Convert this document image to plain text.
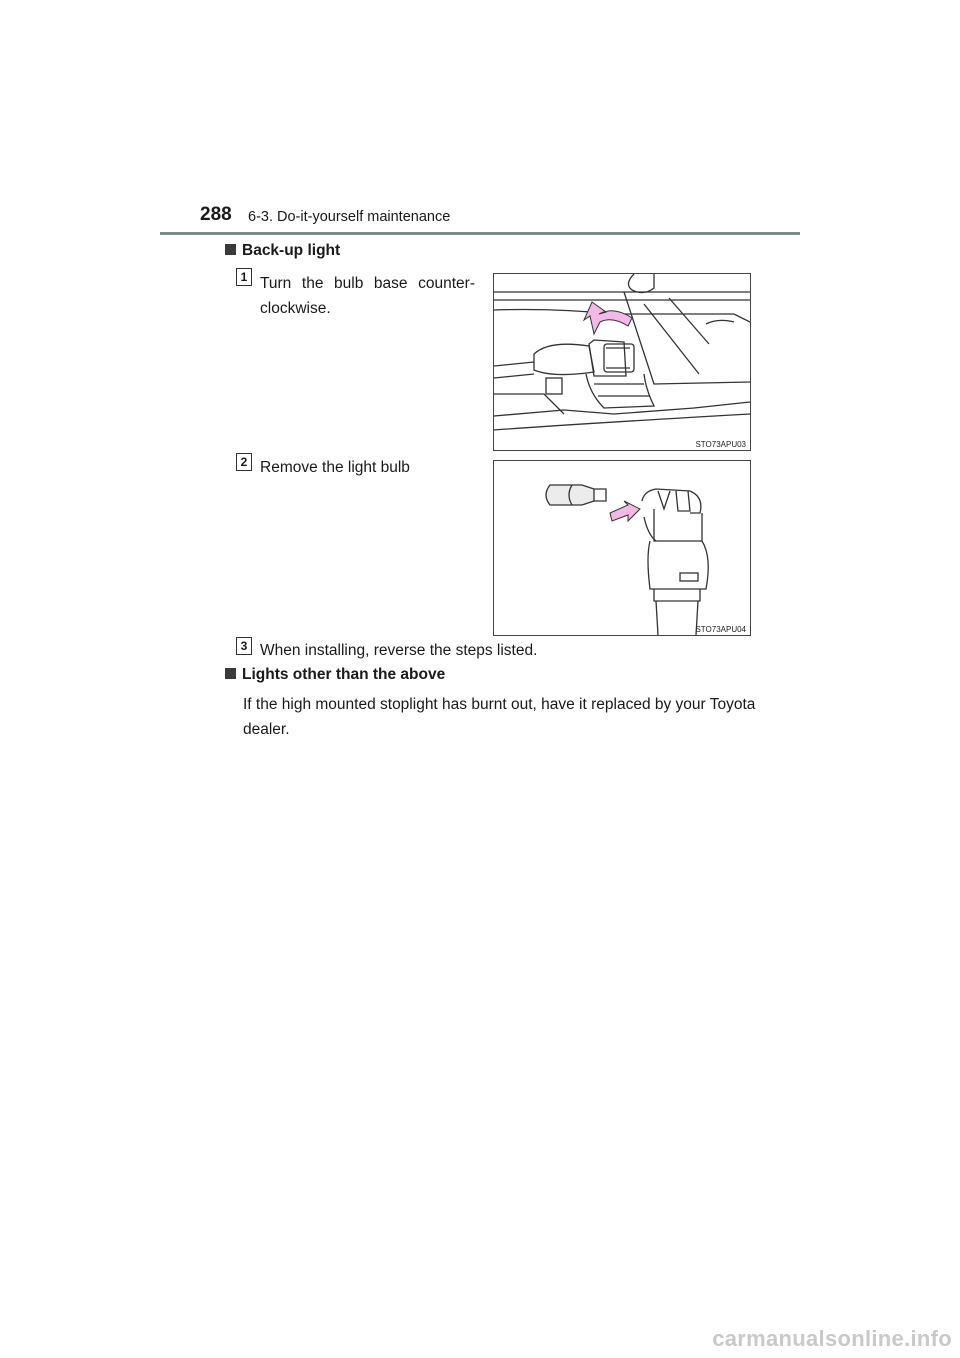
288 6-3. Do-it-yourself maintenance
Back-up light
1 Turn the bulb base counter-clockwise.
STO73APU03
2 Remove the light bulb
STO73APU04
3 When installing, reverse the steps listed.
Lights other than the above
If the high mounted stoplight has burnt out, have it replaced by your Toyota dealer.
carmanualsonline.info
